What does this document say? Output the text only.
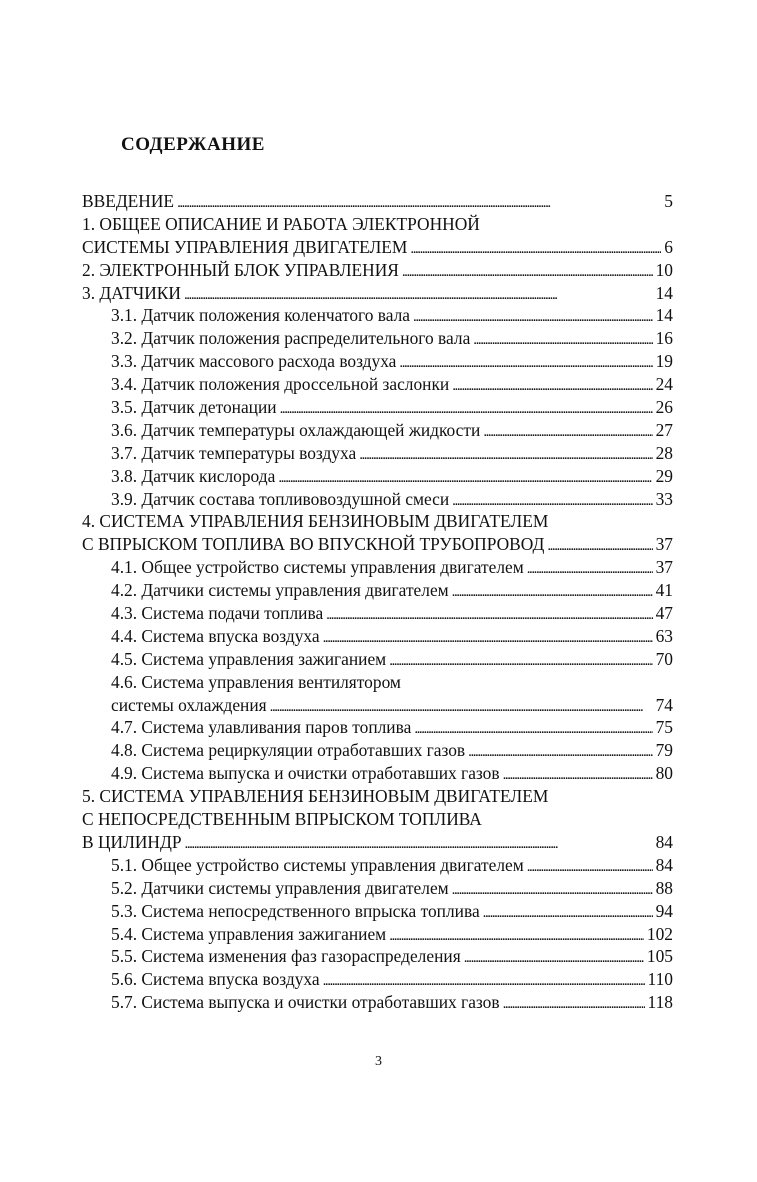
СОДЕРЖАНИЕ
ВВЕДЕНИЕ . . .	5
1. ОБЩЕЕ ОПИСАНИЕ И РАБОТА ЭЛЕКТРОННОЙ
СИСТЕМЫ УПРАВЛЕНИЯ ДВИГАТЕЛЕМ . . .	6
2. ЭЛЕКТРОННЫЙ БЛОК УПРАВЛЕНИЯ . . .	10
3. ДАТЧИКИ . . .	14
3.1. Датчик положения коленчатого вала . . .	14
3.2. Датчик положения распределительного вала . . .	16
3.3. Датчик массового расхода воздуха . . .	19
3.4. Датчик положения дроссельной заслонки . . .	24
3.5. Датчик детонации . . .	26
3.6. Датчик температуры охлаждающей жидкости . . .	27
3.7. Датчик температуры воздуха . . .	28
3.8. Датчик кислорода . . .	29
3.9. Датчик состава топливовоздушной смеси . . .	33
4. СИСТЕМА УПРАВЛЕНИЯ БЕНЗИНОВЫМ ДВИГАТЕЛЕМ
С ВПРЫСКОМ ТОПЛИВА ВО ВПУСКНОЙ ТРУБОПРОВОД . . .	37
4.1. Общее устройство системы управления двигателем . . .	37
4.2. Датчики системы управления двигателем . . .	41
4.3. Система подачи топлива . . .	47
4.4. Система впуска воздуха . . .	63
4.5. Система управления зажиганием . . .	70
4.6. Система управления вентилятором
системы охлаждения . . .	74
4.7. Система улавливания паров топлива . . .	75
4.8. Система рециркуляции отработавших газов . . .	79
4.9. Система выпуска и очистки отработавших газов . . .	80
5. СИСТЕМА УПРАВЛЕНИЯ БЕНЗИНОВЫМ ДВИГАТЕЛЕМ
С НЕПОСРЕДСТВЕННЫМ ВПРЫСКОМ ТОПЛИВА
В ЦИЛИНДР . . .	84
5.1. Общее устройство системы управления двигателем . . .	84
5.2. Датчики системы управления двигателем . . .	88
5.3. Система непосредственного впрыска топлива . . .	94
5.4. Система управления зажиганием . . .	102
5.5. Система изменения фаз газораспределения . . .	105
5.6. Система впуска воздуха . . .	110
5.7. Система выпуска и очистки отработавших газов . . .	118
3
